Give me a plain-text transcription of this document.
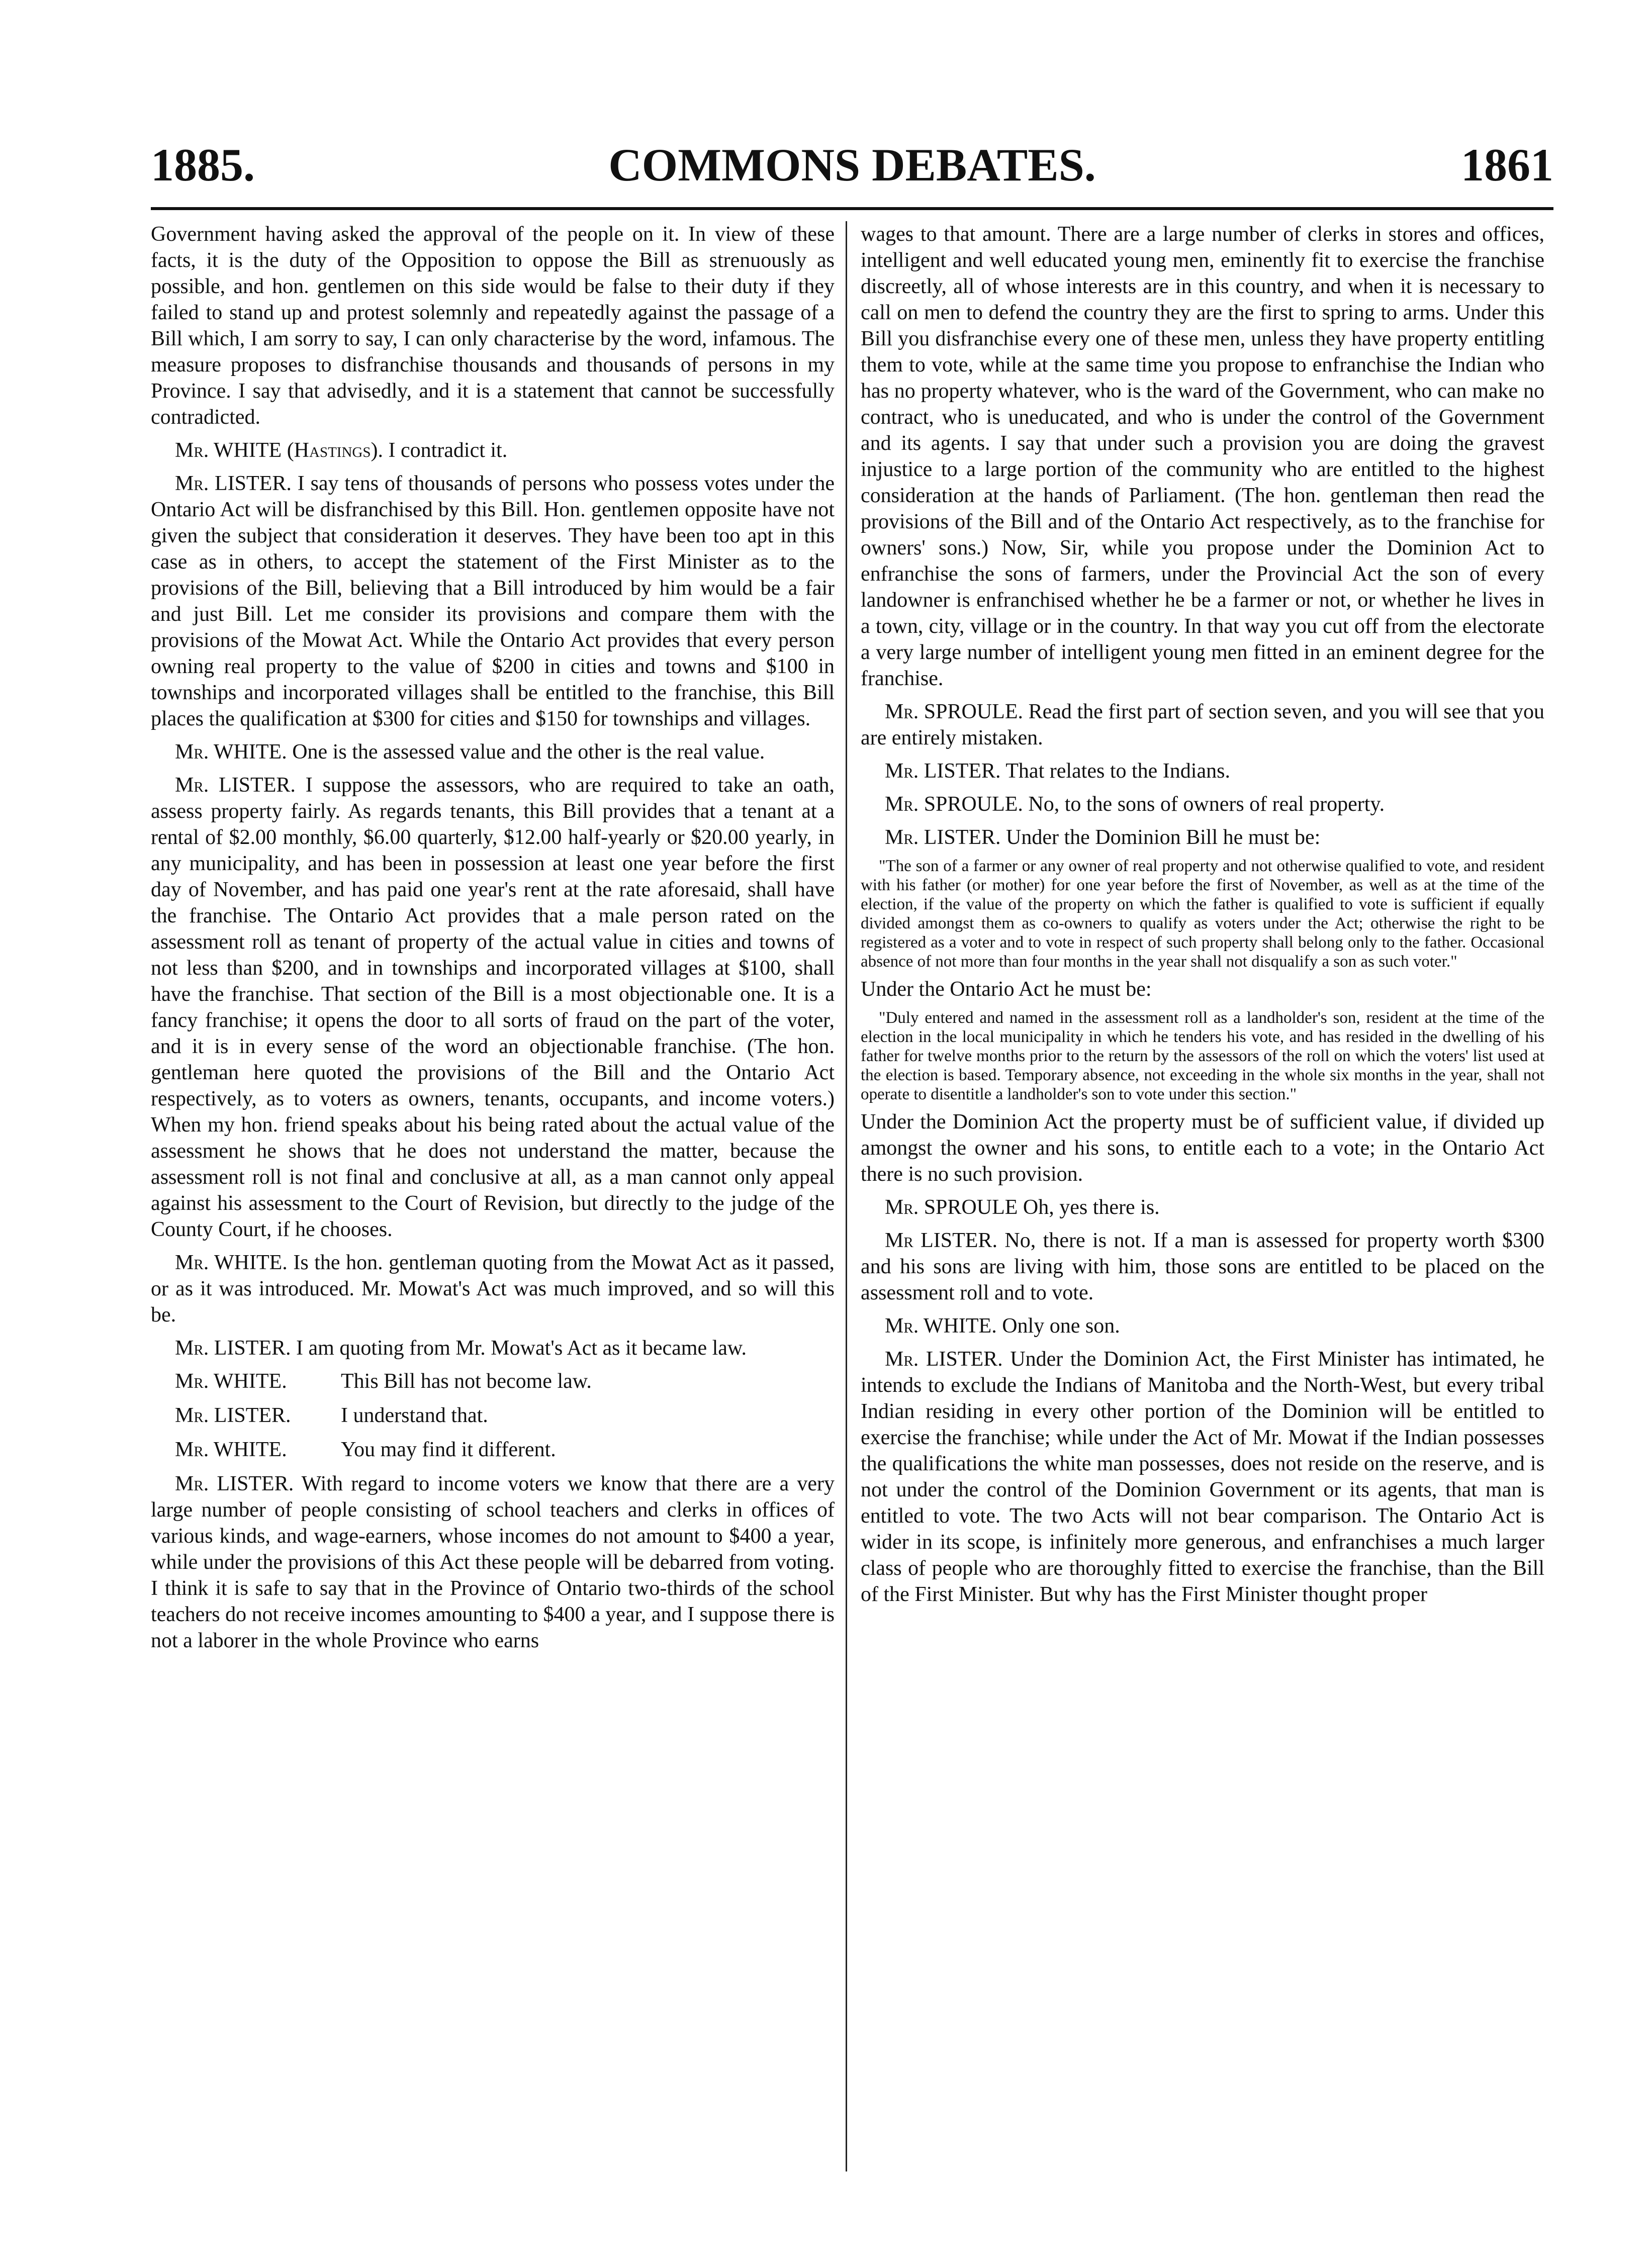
1885.	COMMONS DEBATES.	1861

Government having asked the approval of the people on it. In view of these facts, it is the duty of the Opposition to oppose the Bill as strenuously as possible, and hon. gentlemen on this side would be false to their duty if they failed to stand up and protest solemnly and repeatedly against the passage of a Bill which, I am sorry to say, I can only characterise by the word, infamous. The measure proposes to disfranchise thousands and thousands of persons in my Province. I say that advisedly, and it is a statement that cannot be successfully contradicted.

Mr. WHITE (Hastings). I contradict it.

Mr. LISTER. I say tens of thousands of persons who possess votes under the Ontario Act will be disfranchised by this Bill. Hon. gentlemen opposite have not given the subject that consideration it deserves. They have been too apt in this case as in others, to accept the statement of the First Minister as to the provisions of the Bill, believing that a Bill introduced by him would be a fair and just Bill. Let me consider its provisions and compare them with the provisions of the Mowat Act. While the Ontario Act provides that every person owning real property to the value of $200 in cities and towns and $100 in townships and incorporated villages shall be entitled to the franchise, this Bill places the qualification at $300 for cities and $150 for townships and villages.

Mr. WHITE. One is the assessed value and the other is the real value.

Mr. LISTER. I suppose the assessors, who are required to take an oath, assess property fairly. As regards tenants, this Bill provides that a tenant at a rental of $2.00 monthly, $6.00 quarterly, $12.00 half-yearly or $20.00 yearly, in any municipality, and has been in possession at least one year before the first day of November, and has paid one year's rent at the rate aforesaid, shall have the franchise. The Ontario Act provides that a male person rated on the assessment roll as tenant of property of the actual value in cities and towns of not less than $200, and in townships and incorporated villages at $100, shall have the franchise. That section of the Bill is a most objectionable one. It is a fancy franchise; it opens the door to all sorts of fraud on the part of the voter, and it is in every sense of the word an objectionable franchise. (The hon. gentleman here quoted the provisions of the Bill and the Ontario Act respectively, as to voters as owners, tenants, occupants, and income voters.) When my hon. friend speaks about his being rated about the actual value of the assessment he shows that he does not understand the matter, because the assessment roll is not final and conclusive at all, as a man cannot only appeal against his assessment to the Court of Revision, but directly to the judge of the County Court, if he chooses.

Mr. WHITE. Is the hon. gentleman quoting from the Mowat Act as it passed, or as it was introduced. Mr. Mowat's Act was much improved, and so will this be.

Mr. LISTER. I am quoting from Mr. Mowat's Act as it became law.

Mr. WHITE.	This Bill has not become law.

Mr. LISTER. I understand that.

Mr. WHITE.	You may find it different.

Mr. LISTER. With regard to income voters we know that there are a very large number of people consisting of school teachers and clerks in offices of various kinds, and wage-earners, whose incomes do not amount to $400 a year, while under the provisions of this Act these people will be debarred from voting. I think it is safe to say that in the Province of Ontario two-thirds of the school teachers do not receive incomes amounting to $400 a year, and I suppose there is not a laborer in the whole Province who earns

wages to that amount. There are a large number of clerks in stores and offices, intelligent and well educated young men, eminently fit to exercise the franchise discreetly, all of whose interests are in this country, and when it is necessary to call on men to defend the country they are the first to spring to arms. Under this Bill you disfranchise every one of these men, unless they have property entitling them to vote, while at the same time you propose to enfranchise the Indian who has no property whatever, who is the ward of the Government, who can make no contract, who is uneducated, and who is under the control of the Government and its agents. I say that under such a provision you are doing the gravest injustice to a large portion of the community who are entitled to the highest consideration at the hands of Parliament. (The hon. gentleman then read the provisions of the Bill and of the Ontario Act respectively, as to the franchise for owners' sons.) Now, Sir, while you propose under the Dominion Act to enfranchise the sons of farmers, under the Provincial Act the son of every landowner is enfranchised whether he be a farmer or not, or whether he lives in a town, city, village or in the country. In that way you cut off from the electorate a very large number of intelligent young men fitted in an eminent degree for the franchise.

Mr. SPROULE. Read the first part of section seven, and you will see that you are entirely mistaken.

Mr. LISTER. That relates to the Indians.

Mr. SPROULE. No, to the sons of owners of real property.

Mr. LISTER. Under the Dominion Bill he must be:

"The son of a farmer or any owner of real property and not otherwise qualified to vote, and resident with his father (or mother) for one year before the first of November, as well as at the time of the election, if the value of the property on which the father is qualified to vote is sufficient if equally divided amongst them as co-owners to qualify as voters under the Act; otherwise the right to be registered as a voter and to vote in respect of such property shall belong only to the father. Occasional absence of not more than four months in the year shall not disqualify a son as such voter."

Under the Ontario Act he must be:

"Duly entered and named in the assessment roll as a landholder's son, resident at the time of the election in the local municipality in which he tenders his vote, and has resided in the dwelling of his father for twelve months prior to the return by the assessors of the roll on which the voters' list used at the election is based. Temporary absence, not exceeding in the whole six months in the year, shall not operate to disentitle a landholder's son to vote under this section."

Under the Dominion Act the property must be of sufficient value, if divided up amongst the owner and his sons, to entitle each to a vote; in the Ontario Act there is no such provision.

Mr. SPROULE Oh, yes there is.

Mr LISTER. No, there is not. If a man is assessed for property worth $300 and his sons are living with him, those sons are entitled to be placed on the assessment roll and to vote.

Mr. WHITE. Only one son.

Mr. LISTER. Under the Dominion Act, the First Minister has intimated, he intends to exclude the Indians of Manitoba and the North-West, but every tribal Indian residing in every other portion of the Dominion will be entitled to exercise the franchise; while under the Act of Mr. Mowat if the Indian possesses the qualifications the white man possesses, does not reside on the reserve, and is not under the control of the Dominion Government or its agents, that man is entitled to vote. The two Acts will not bear comparison. The Ontario Act is wider in its scope, is infinitely more generous, and enfranchises a much larger class of people who are thoroughly fitted to exercise the franchise, than the Bill of the First Minister. But why has the First Minister thought proper
